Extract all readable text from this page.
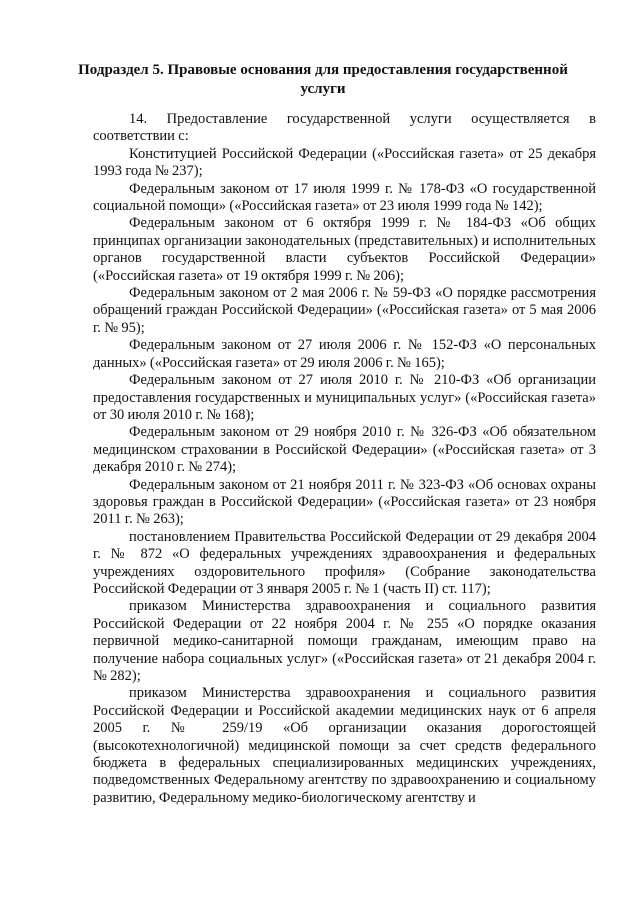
Подраздел 5. Правовые основания для предоставления государственной услуги

14. Предоставление государственной услуги осуществляется в соответствии с:

Конституцией Российской Федерации («Российская газета» от 25 декабря 1993 года № 237);

Федеральным законом от 17 июля 1999 г. № 178-ФЗ «О государственной социальной помощи» («Российская газета» от 23 июля 1999 года № 142);

Федеральным законом от 6 октября 1999 г. № 184-ФЗ «Об общих принципах организации законодательных (представительных) и исполнительных органов государственной власти субъектов Российской Федерации» («Российская газета» от 19 октября 1999 г. № 206);

Федеральным законом от 2 мая 2006 г. № 59-ФЗ «О порядке рассмотрения обращений граждан Российской Федерации» («Российская газета» от 5 мая 2006 г. № 95);

Федеральным законом от 27 июля 2006 г. № 152-ФЗ «О персональных данных» («Российская газета» от 29 июля 2006 г. № 165);

Федеральным законом от 27 июля 2010 г. № 210-ФЗ «Об организации предоставления государственных и муниципальных услуг» («Российская газета» от 30 июля 2010 г. № 168);

Федеральным законом от 29 ноября 2010 г. № 326-ФЗ «Об обязательном медицинском страховании в Российской Федерации» («Российская газета» от 3 декабря 2010 г. № 274);

Федеральным законом от 21 ноября 2011 г. № 323-ФЗ «Об основах охраны здоровья граждан в Российской Федерации» («Российская газета» от 23 ноября 2011 г. № 263);

постановлением Правительства Российской Федерации от 29 декабря 2004 г. № 872 «О федеральных учреждениях здравоохранения и федеральных учреждениях оздоровительного профиля» (Собрание законодательства Российской Федерации от 3 января 2005 г. № 1 (часть II) ст. 117);

приказом Министерства здравоохранения и социального развития Российской Федерации от 22 ноября 2004 г. № 255 «О порядке оказания первичной медико-санитарной помощи гражданам, имеющим право на получение набора социальных услуг» («Российская газета» от 21 декабря 2004 г. № 282);

приказом Министерства здравоохранения и социального развития Российской Федерации и Российской академии медицинских наук от 6 апреля 2005 г. № 259/19 «Об организации оказания дорогостоящей (высокотехнологичной) медицинской помощи за счет средств федерального бюджета в федеральных специализированных медицинских учреждениях, подведомственных Федеральному агентству по здравоохранению и социальному развитию, Федеральному медико-биологическому агентству и
